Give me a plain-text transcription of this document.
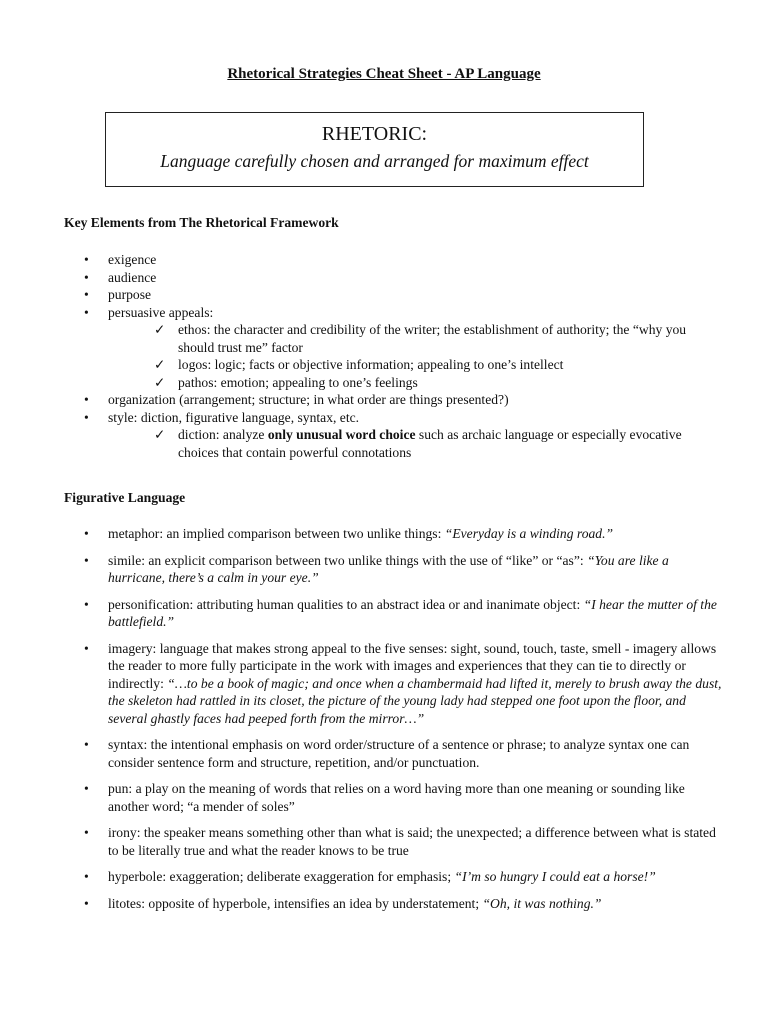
Rhetorical Strategies Cheat Sheet - AP Language
RHETORIC:
Language carefully chosen and arranged for maximum effect
Key Elements from The Rhetorical Framework
•	exigence
•	audience
•	purpose
•	persuasive appeals:
✓ ethos: the character and credibility of the writer; the establishment of authority; the “why you should trust me” factor
✓ logos: logic; facts or objective information; appealing to one’s intellect
✓ pathos: emotion; appealing to one’s feelings
•	organization (arrangement; structure; in what order are things presented?)
•	style: diction, figurative language, syntax, etc.
✓ diction: analyze only unusual word choice such as archaic language or especially evocative choices that contain powerful connotations
Figurative Language
• metaphor: an implied comparison between two unlike things: “Everyday is a winding road.”
• simile: an explicit comparison between two unlike things with the use of “like” or “as”: “You are like a hurricane, there’s a calm in your eye.”
• personification: attributing human qualities to an abstract idea or and inanimate object: “I hear the mutter of the battlefield.”
• imagery: language that makes strong appeal to the five senses: sight, sound, touch, taste, smell - imagery allows the reader to more fully participate in the work with images and experiences that they can tie to directly or indirectly: “…to be a book of magic; and once when a chambermaid had lifted it, merely to brush away the dust, the skeleton had rattled in its closet, the picture of the young lady had stepped one foot upon the floor, and several ghastly faces had peeped forth from the mirror…”
• syntax: the intentional emphasis on word order/structure of a sentence or phrase; to analyze syntax one can consider sentence form and structure, repetition, and/or punctuation.
• pun: a play on the meaning of words that relies on a word having more than one meaning or sounding like another word; “a mender of soles”
• irony: the speaker means something other than what is said; the unexpected; a difference between what is stated to be literally true and what the reader knows to be true
• hyperbole: exaggeration; deliberate exaggeration for emphasis; “I’m so hungry I could eat a horse!”
• litotes: opposite of hyperbole, intensifies an idea by understatement; “Oh, it was nothing.”
